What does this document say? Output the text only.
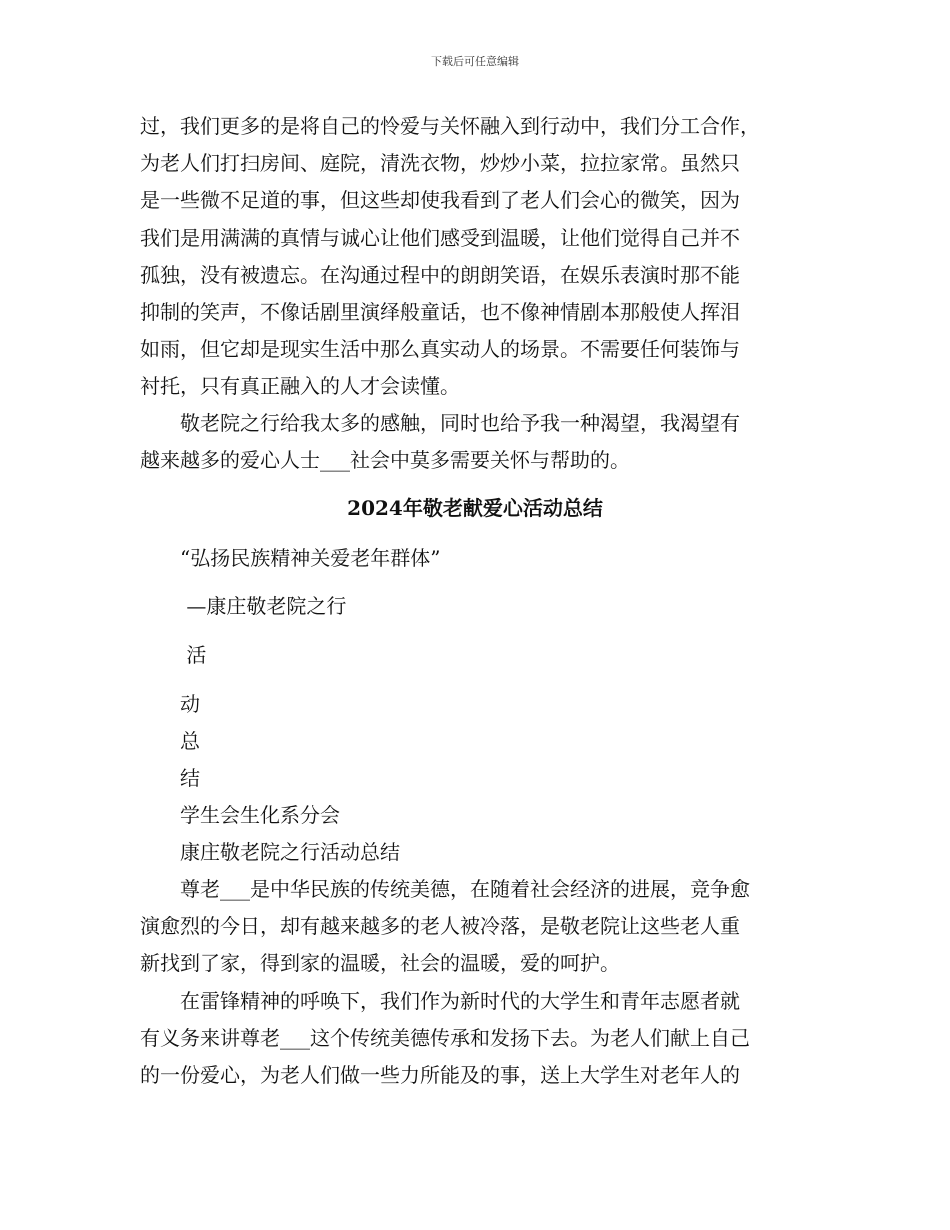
下载后可任意编辑
过，我们更多的是将自己的怜爱与关怀融入到行动中，我们分工合作，
为老人们打扫房间、庭院，清洗衣物，炒炒小菜，拉拉家常。虽然只
是一些微不足道的事，但这些却使我看到了老人们会心的微笑，因为
我们是用满满的真情与诚心让他们感受到温暖，让他们觉得自己并不
孤独，没有被遗忘。在沟通过程中的朗朗笑语，在娱乐表演时那不能
抑制的笑声，不像话剧里演绎般童话，也不像神情剧本那般使人挥泪
如雨，但它却是现实生活中那么真实动人的场景。不需要任何装饰与
衬托，只有真正融入的人才会读懂。
　　敬老院之行给我太多的感触，同时也给予我一种渴望，我渴望有
越来越多的爱心人士___社会中莫多需要关怀与帮助的。
2024年敬老献爱心活动总结
　　“弘扬民族精神关爱老年群体”
　　 —康庄敬老院之行
　　 活
　　动
　　总
　　结
　　学生会生化系分会
　　康庄敬老院之行活动总结
　　尊老___是中华民族的传统美德，在随着社会经济的进展，竞争愈
演愈烈的今日，却有越来越多的老人被冷落，是敬老院让这些老人重
新找到了家，得到家的温暖，社会的温暖，爱的呵护。
　　在雷锋精神的呼唤下，我们作为新时代的大学生和青年志愿者就
有义务来讲尊老___这个传统美德传承和发扬下去。为老人们献上自己
的一份爱心，为老人们做一些力所能及的事，送上大学生对老年人的
